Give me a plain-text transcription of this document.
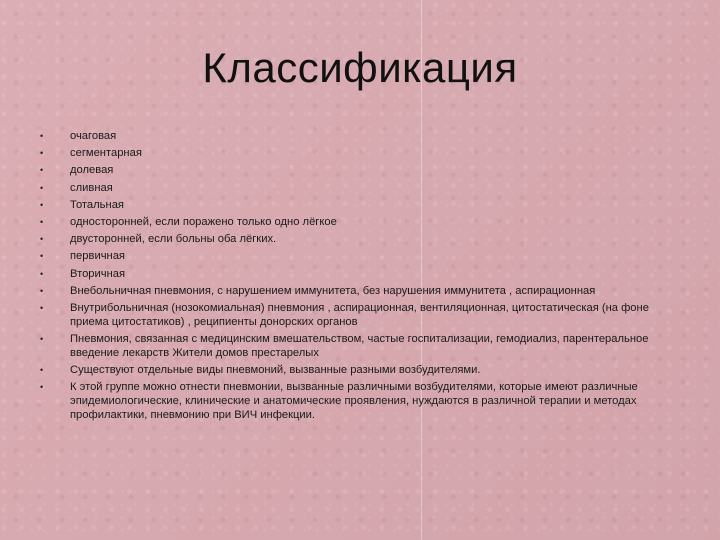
Классификация
• очаговая
• сегментарная
• долевая
• сливная
• Тотальная
• односторонней, если поражено только одно лёгкое
• двусторонней, если больны оба лёгких.
• первичная
• Вторичная
• Внебольничная пневмония, с нарушением иммунитета, без нарушения иммунитета , аспирационная
• Внутрибольничная (нозокомиальная) пневмония , аспирационная, вентиляционная, цитостатическая (на фоне приема цитостатиков) , реципиенты донорских органов
• Пневмония, связанная с медицинским вмешательством, частые госпитализации, гемодиализ, парентеральное введение лекарств Жители домов престарелых
• Существуют отдельные виды пневмоний, вызванные разными возбудителями.
• К этой группе можно отнести пневмонии, вызванные различными возбудителями, которые имеют различные эпидемиологические, клинические и анатомические проявления, нуждаются в различной терапии и методах профилактики, пневмонию при ВИЧ инфекции.
